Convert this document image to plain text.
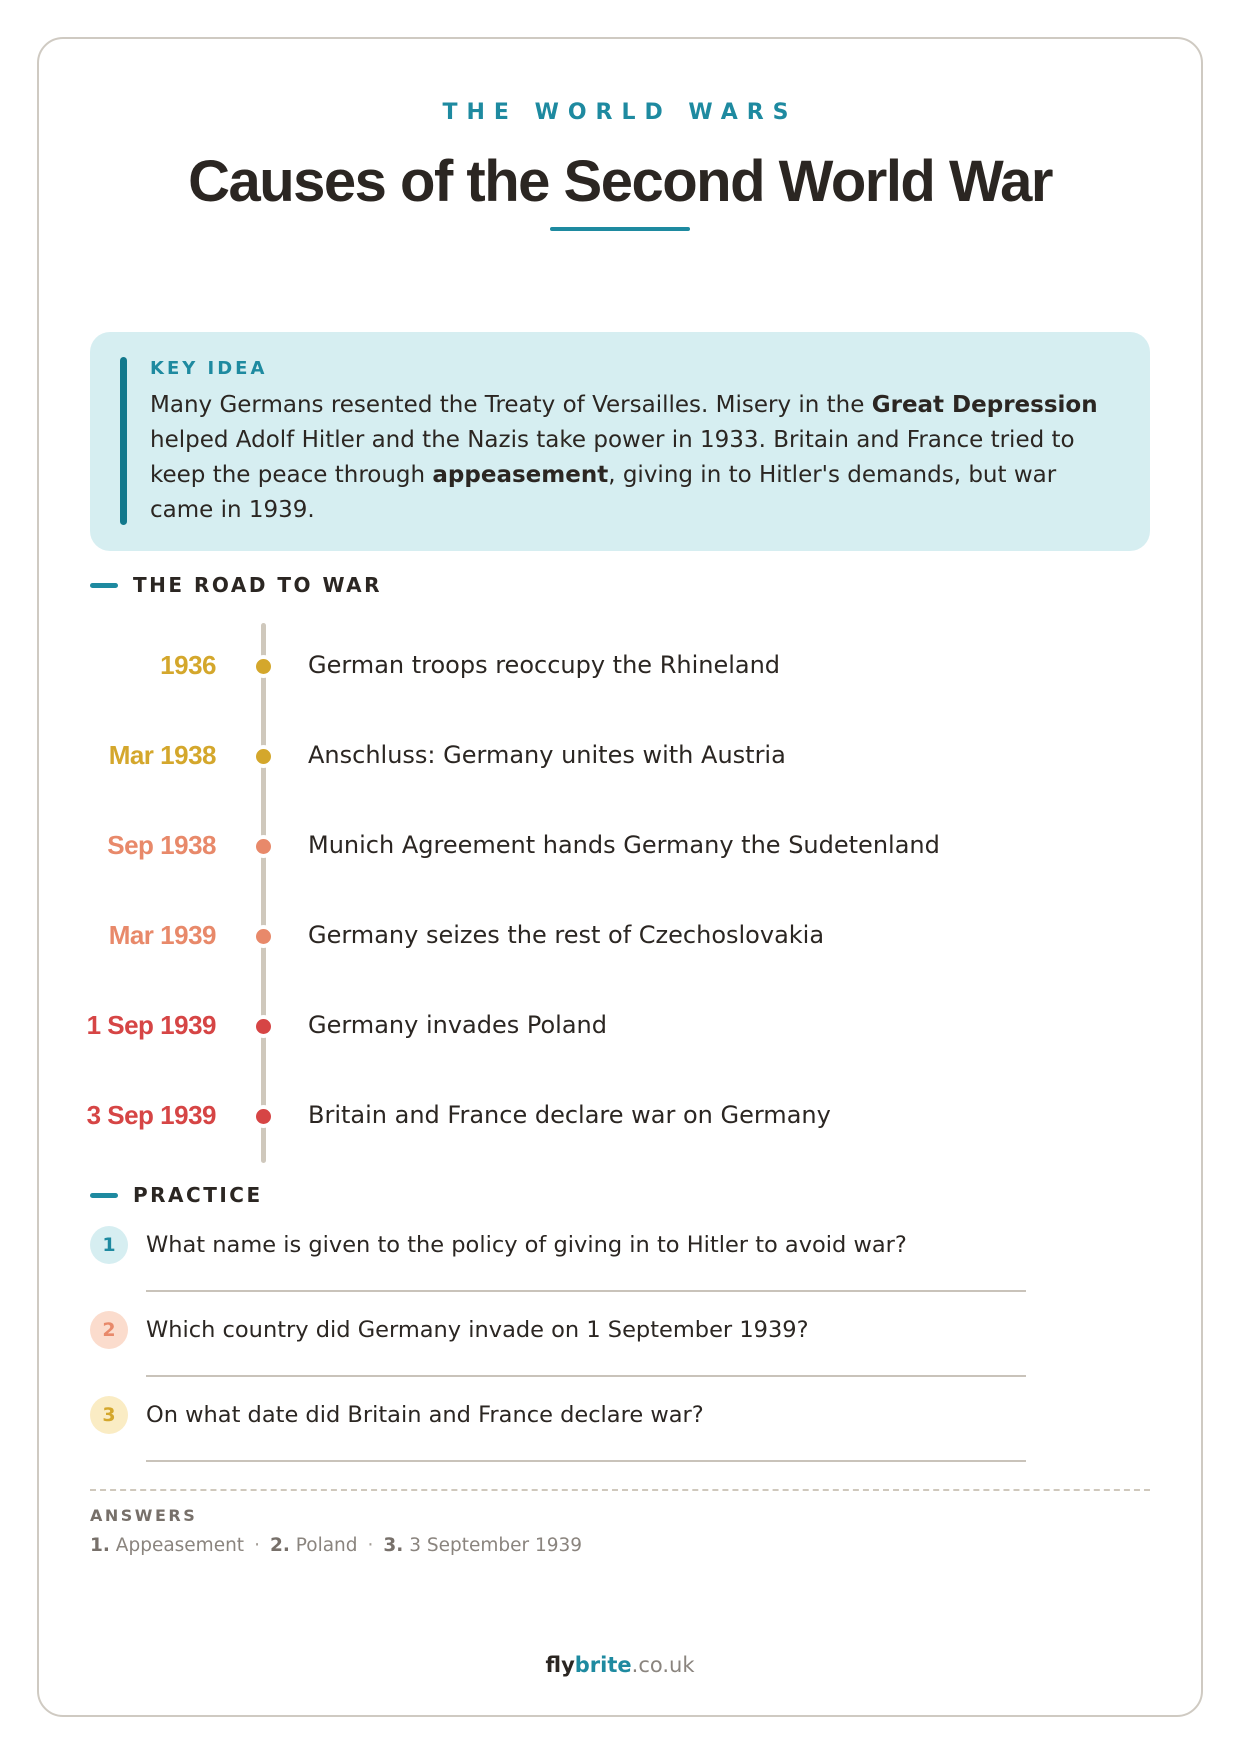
THE WORLD WARS
Causes of the Second World War
KEY IDEA

Many Germans resented the Treaty of Versailles. Misery in the Great Depression helped Adolf Hitler and the Nazis take power in 1933. Britain and France tried to keep the peace through appeasement, giving in to Hitler's demands, but war came in 1939.

THE ROAD TO WAR
1936	German troops reoccupy the Rhineland
Mar 1938	Anschluss: Germany unites with Austria
Sep 1938	Munich Agreement hands Germany the Sudetenland
Mar 1939	Germany seizes the rest of Czechoslovakia
1 Sep 1939	Germany invades Poland
3 Sep 1939	Britain and France declare war on Germany
PRACTICE
1	What name is given to the policy of giving in to Hitler to avoid war?
2	Which country did Germany invade on 1 September 1939?
3	On what date did Britain and France declare war?
ANSWERS
1. Appeasement · 2. Poland · 3. 3 September 1939
flybrite.co.uk
